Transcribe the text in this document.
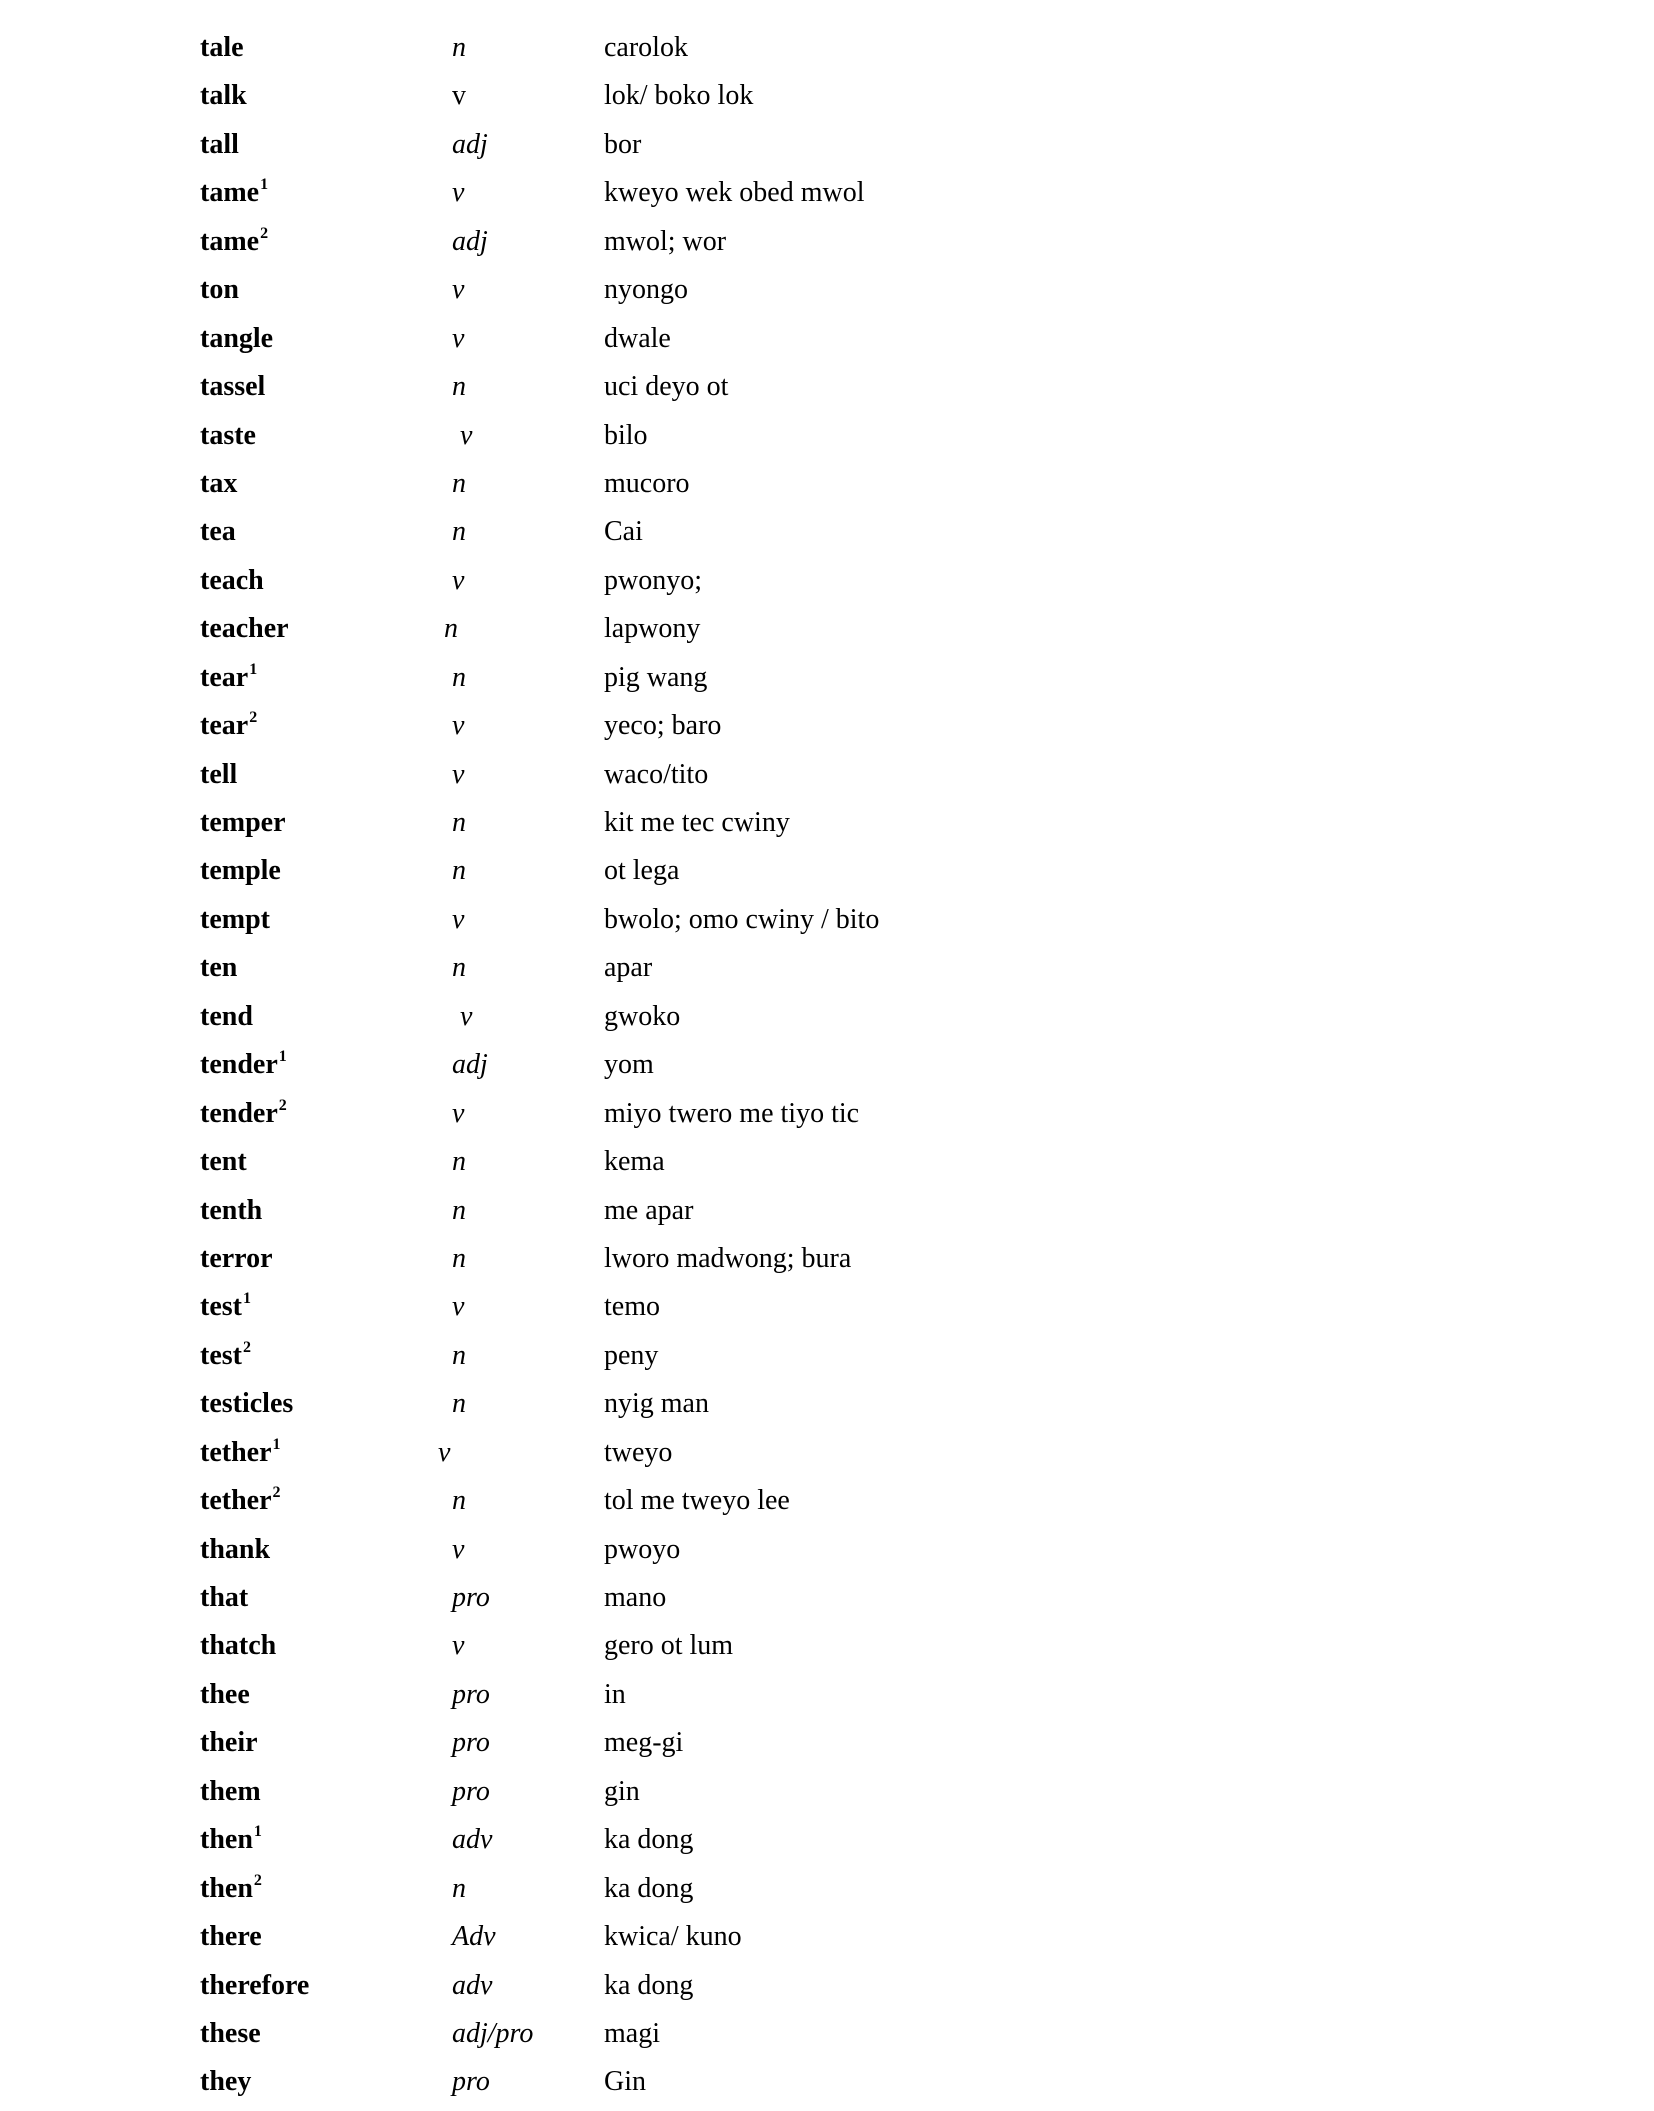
tale	n	carolok
talk	v	lok/ boko lok
tall	adj	bor
tame$^1$	v	kweyo wek obed mwol
tame$^2$	adj	mwol; wor
ton	v	nyongo
tangle	v	dwale
tassel	n	uci deyo ot
taste	v	bilo
tax	n	mucoro
tea	n	Cai
teach	v	pwonyo;
teacher	n	lapwony
tear$^1$	n	pig wang
tear$^2$	v	yeco; baro
tell	v	waco/tito
temper	n	kit me tec cwiny
temple	n	ot lega
tempt	v	bwolo; omo cwiny / bito
ten	n	apar
tend	v	gwoko
tender$^1$	adj	yom
tender$^2$	v	miyo twero me tiyo tic
tent	n	kema
tenth	n	me apar
terror	n	lworo madwong; bura
test$^1$	v	temo
test$^2$	n	peny
testicles	n	nyig man
tether$^1$	v	tweyo
tether$^2$	n	tol me tweyo lee
thank	v	pwoyo
that	pro	mano
thatch	v	gero ot lum
thee	pro	in
their	pro	meg-gi
them	pro	gin
then$^1$	adv	ka dong
then$^2$	n	ka dong
there	Adv	kwica/ kuno
therefore	adv	ka dong
these	adj/pro	magi
they	pro	Gin
